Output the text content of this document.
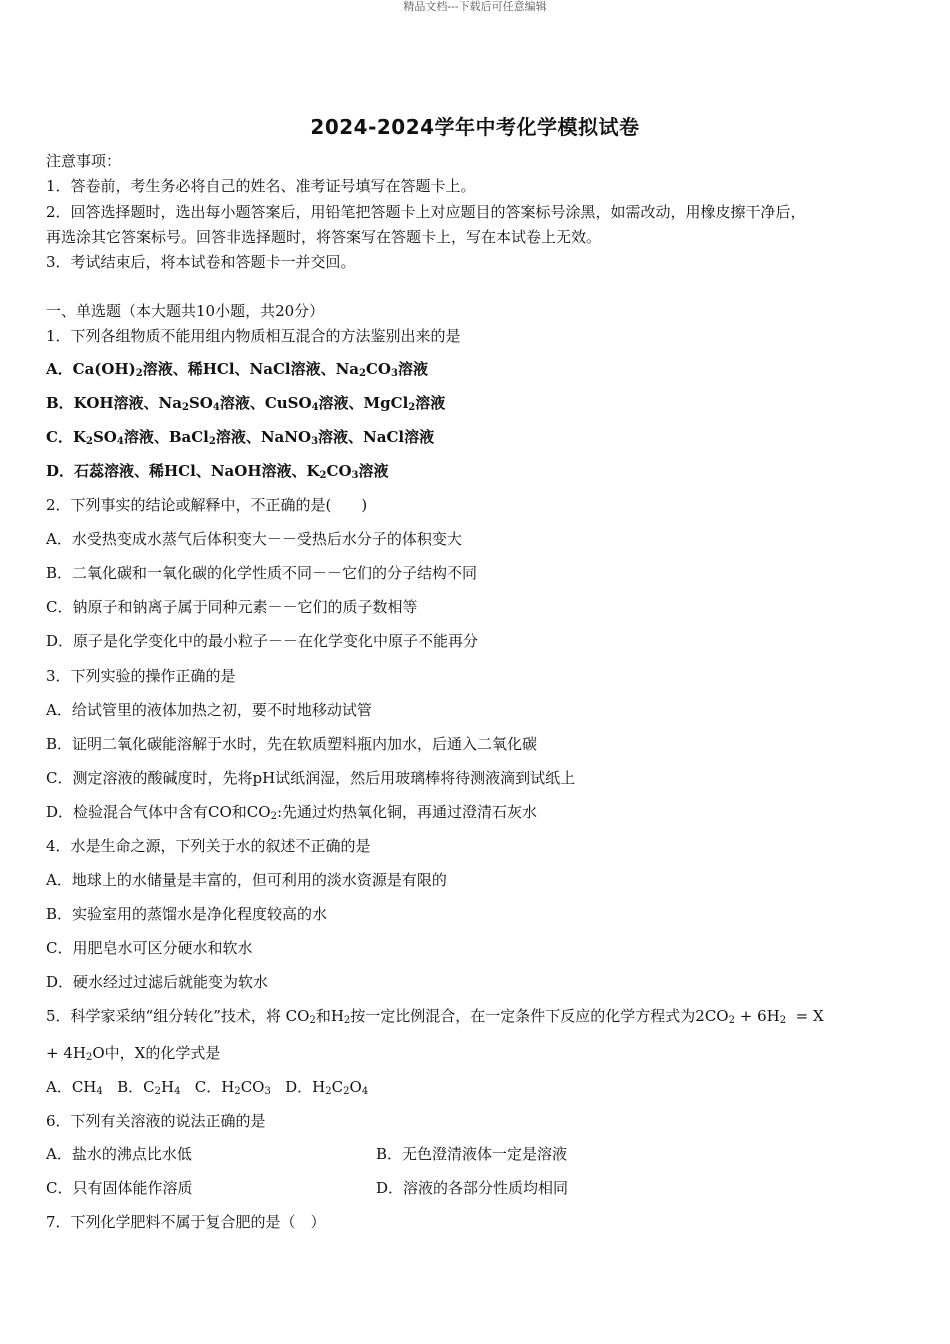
精品文档---下载后可任意编辑
2024-2024学年中考化学模拟试卷
注意事项：
1．答卷前，考生务必将自己的姓名、准考证号填写在答题卡上。
2．回答选择题时，选出每小题答案后，用铅笔把答题卡上对应题目的答案标号涂黑，如需改动，用橡皮擦干净后，
再选涂其它答案标号。回答非选择题时，将答案写在答题卡上，写在本试卷上无效。
3．考试结束后，将本试卷和答题卡一并交回。
一、单选题（本大题共10小题，共20分）
1．下列各组物质不能用组内物质相互混合的方法鉴别出来的是
A．$Ca(OH)_2$溶液、稀HCl、NaCl溶液、$Na_2CO_3$溶液
B．KOH溶液、$Na_2SO_4$溶液、CuSO$_4$溶液、MgCl$_2$溶液
C．$K_2SO_4$溶液、BaCl$_2$溶液、NaNO$_3$溶液、NaCl溶液
D．石蕊溶液、稀HCl、NaOH溶液、$K_2CO_3$溶液
2．下列事实的结论或解释中，不正确的是(　　)
A．水受热变成水蒸气后体积变大－－受热后水分子的体积变大
B．二氧化碳和一氧化碳的化学性质不同－－它们的分子结构不同
C．钠原子和钠离子属于同种元素－－它们的质子数相等
D．原子是化学变化中的最小粒子－－在化学变化中原子不能再分
3．下列实验的操作正确的是
A．给试管里的液体加热之初，要不时地移动试管
B．证明二氧化碳能溶解于水时，先在软质塑料瓶内加水，后通入二氧化碳
C．测定溶液的酸碱度时，先将pH试纸润湿，然后用玻璃棒将待测液滴到试纸上
D．检验混合气体中含有CO和$CO_2$:先通过灼热氧化铜，再通过澄清石灰水
4．水是生命之源，下列关于水的叙述不正确的是
A．地球上的水储量是丰富的，但可利用的淡水资源是有限的
B．实验室用的蒸馏水是净化程度较高的水
C．用肥皂水可区分硬水和软水
D．硬水经过过滤后就能变为软水
5．科学家采纳“组分转化”技术，将 $CO_2$和$H_2$按一定比例混合，在一定条件下反应的化学方程式为$2CO_2 + 6H_2 = X$
+ $4H_2O$中，X的化学式是
A．$CH_4$   B．$C_2H_4$   C．$H_2CO_3$   D．$H_2C_2O_4$
6．下列有关溶液的说法正确的是
A．盐水的沸点比水低	B．无色澄清液体一定是溶液
C．只有固体能作溶质	D．溶液的各部分性质均相同
7．下列化学肥料不属于复合肥的是（　）
